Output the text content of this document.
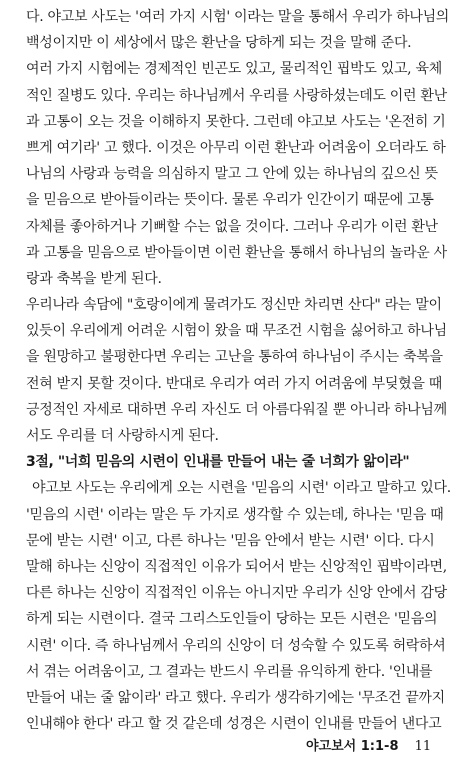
다. 야고보 사도는 '여러 가지 시험' 이라는 말을 통해서 우리가 하나님의
백성이지만 이 세상에서 많은 환난을 당하게 되는 것을 말해 준다.
여러 가지 시험에는 경제적인 빈곤도 있고, 물리적인 핍박도 있고, 육체
적인 질병도 있다. 우리는 하나님께서 우리를 사랑하셨는데도 이런 환난
과 고통이 오는 것을 이해하지 못한다. 그런데 야고보 사도는 '온전히 기
쁘게 여기라' 고 했다. 이것은 아무리 이런 환난과 어려움이 오더라도 하
나님의 사랑과 능력을 의심하지 말고 그 안에 있는 하나님의 깊으신 뜻
을 믿음으로 받아들이라는 뜻이다. 물론 우리가 인간이기 때문에 고통
자체를 좋아하거나 기뻐할 수는 없을 것이다. 그러나 우리가 이런 환난
과 고통을 믿음으로 받아들이면 이런 환난을 통해서 하나님의 놀라운 사
랑과 축복을 받게 된다.
우리나라 속담에 "호랑이에게 물려가도 정신만 차리면 산다" 라는 말이
있듯이 우리에게 어려운 시험이 왔을 때 무조건 시험을 싫어하고 하나님
을 원망하고 불평한다면 우리는 고난을 통하여 하나님이 주시는 축복을
전혀 받지 못할 것이다. 반대로 우리가 여러 가지 어려움에 부딪혔을 때
긍정적인 자세로 대하면 우리 자신도 더 아름다워질 뿐 아니라 하나님께
서도 우리를 더 사랑하시게 된다.
3절, "너희 믿음의 시련이 인내를 만들어 내는 줄 너희가 앎이라"
야고보 사도는 우리에게 오는 시련을 '믿음의 시련' 이라고 말하고 있다.
'믿음의 시련' 이라는 말은 두 가지로 생각할 수 있는데, 하나는 '믿음 때
문에 받는 시련' 이고, 다른 하나는 '믿음 안에서 받는 시련' 이다. 다시
말해 하나는 신앙이 직접적인 이유가 되어서 받는 신앙적인 핍박이라면,
다른 하나는 신앙이 직접적인 이유는 아니지만 우리가 신앙 안에서 감당
하게 되는 시련이다. 결국 그리스도인들이 당하는 모든 시련은 '믿음의
시련' 이다. 즉 하나님께서 우리의 신앙이 더 성숙할 수 있도록 허락하셔
서 겪는 어려움이고, 그 결과는 반드시 우리를 유익하게 한다. '인내를
만들어 내는 줄 앎이라' 라고 했다. 우리가 생각하기에는 '무조건 끝까지
인내해야 한다' 라고 할 것 같은데 성경은 시련이 인내를 만들어 낸다고
야고보서 1:1-8 11
